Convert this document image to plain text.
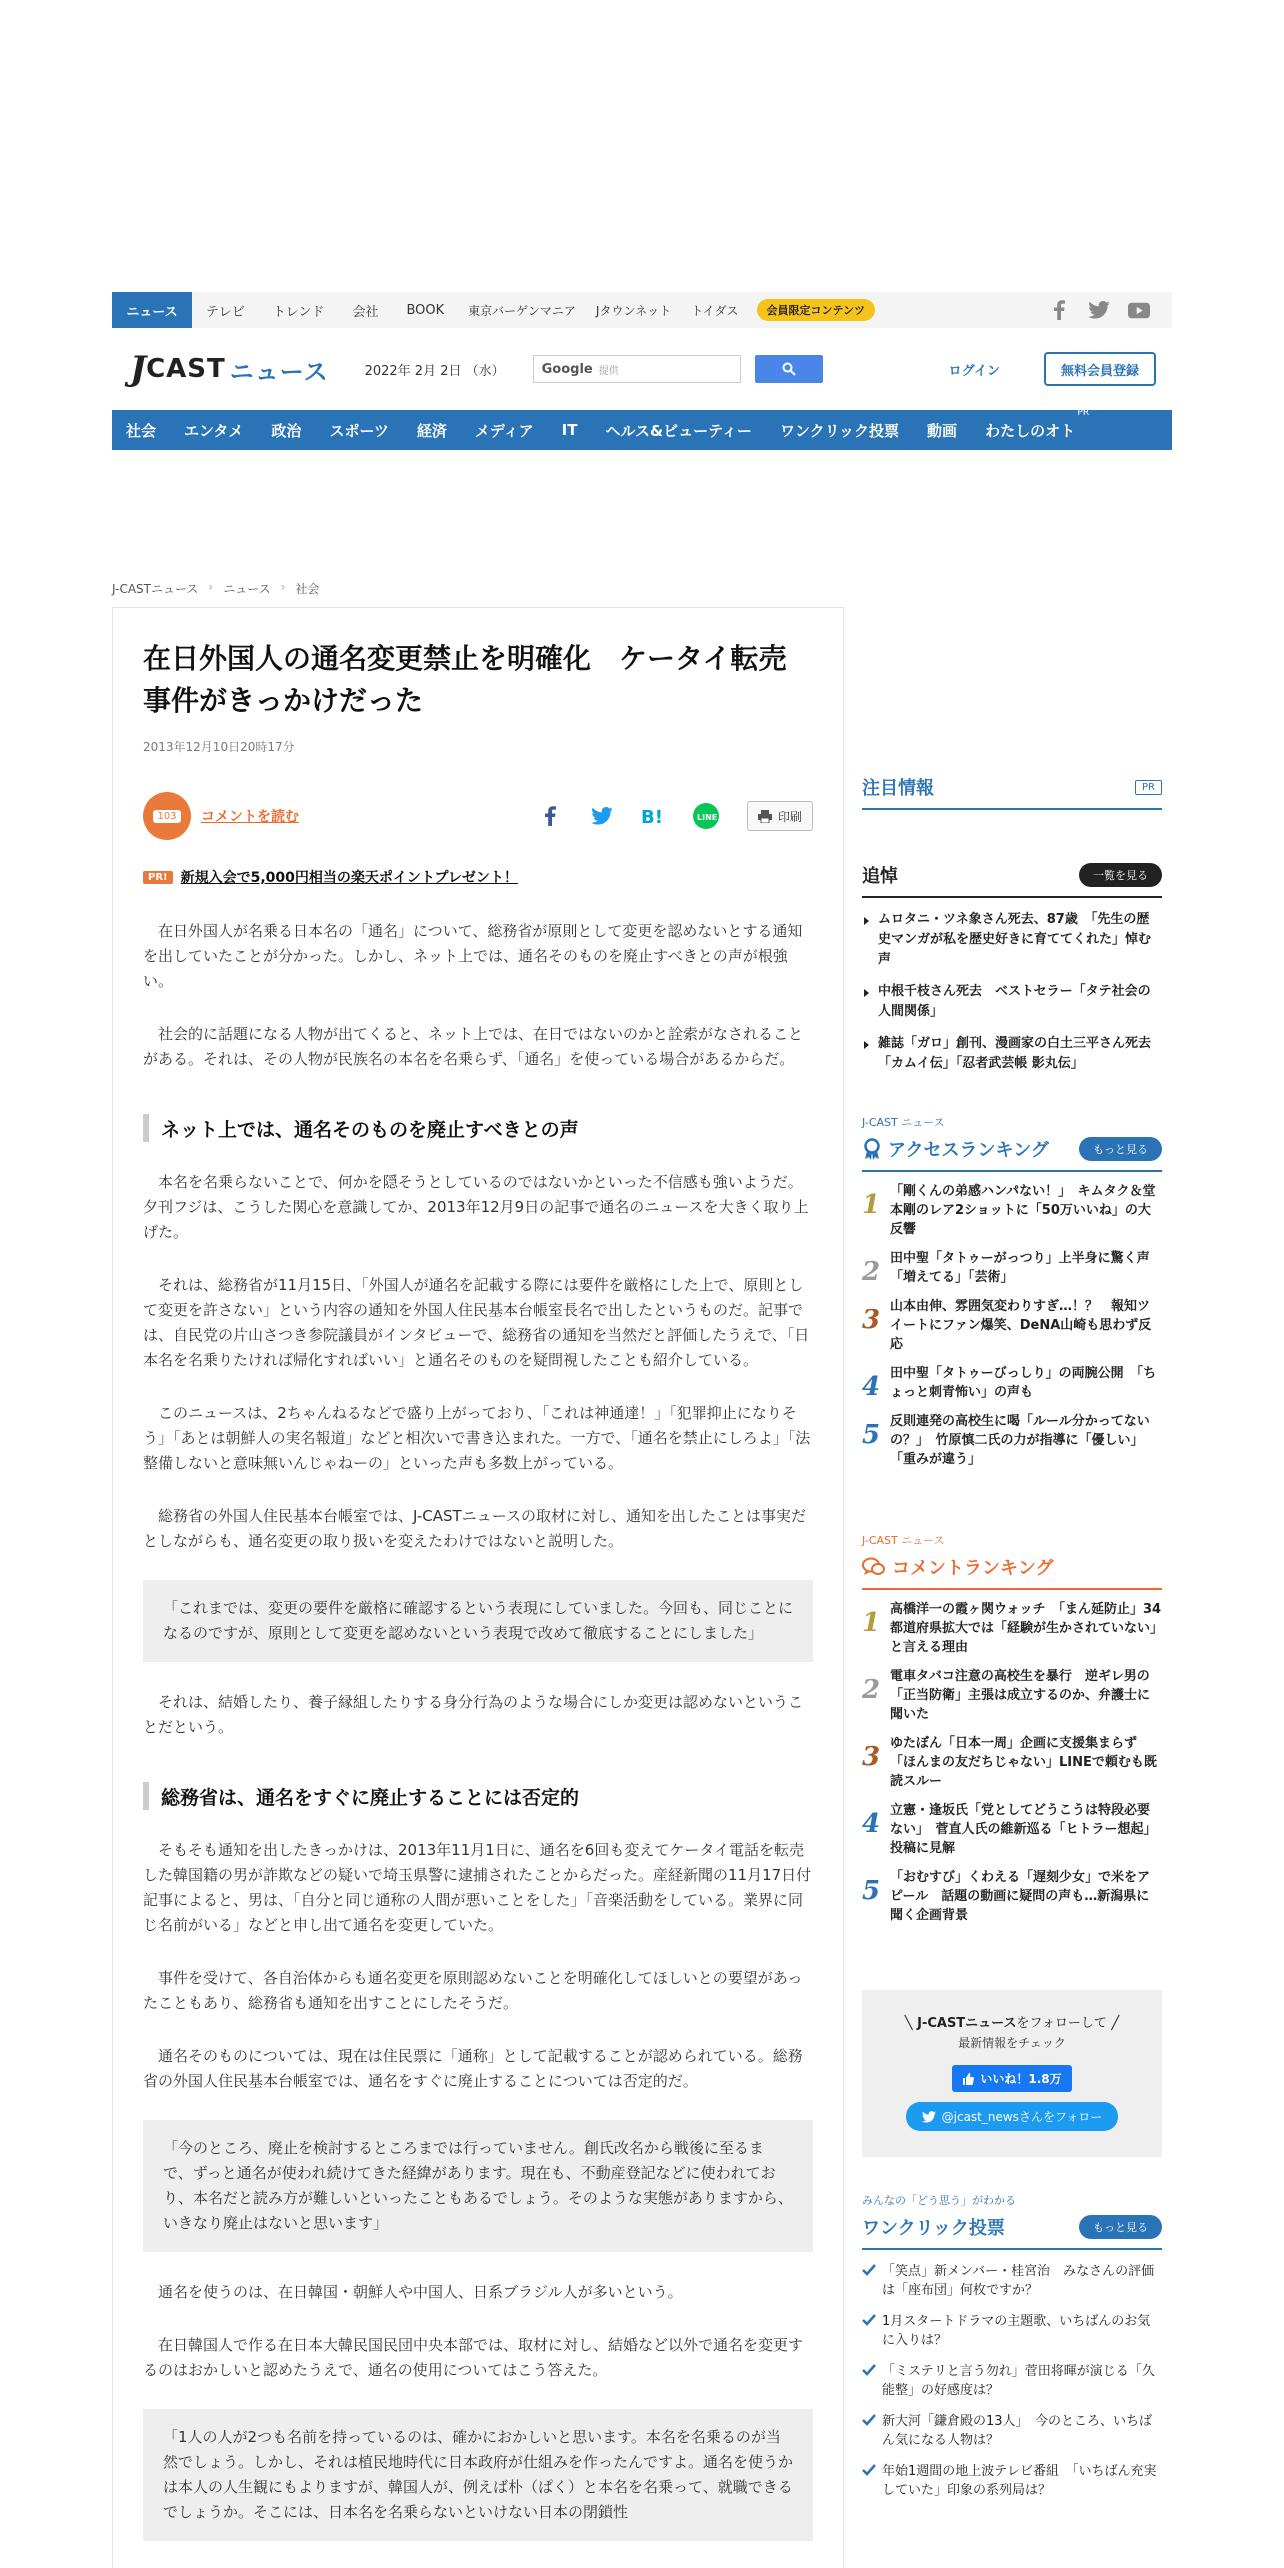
ニュース	テレビ	トレンド	会社	BOOK	東京バーゲンマニア	Jタウンネット	トイダス	会員限定コンテンツ
J CAST ニュース	2022年 2月 2日 （水）	Google 提供	ログイン	無料会員登録
社会 エンタメ 政治 スポーツ 経済 メディア IT ヘルス&ビューティー ワンクリック投票 動画 わたしのオト
PR
J-CASTニュース › ニュース › 社会
在日外国人の通名変更禁止を明確化　ケータイ転売事件がきっかけだった
2013年12月10日20時17分
103 コメントを読む	B!	LINE	印刷
PR! 新規入会で5,000円相当の楽天ポイントプレゼント！

在日外国人が名乗る日本名の「通名」について、総務省が原則として変更を認めないとする通知を出していたことが分かった。しかし、ネット上では、通名そのものを廃止すべきとの声が根強い。

社会的に話題になる人物が出てくると、ネット上では、在日ではないのかと詮索がなされることがある。それは、その人物が民族名の本名を名乗らず、「通名」を使っている場合があるからだ。

ネット上では、通名そのものを廃止すべきとの声

本名を名乗らないことで、何かを隠そうとしているのではないかといった不信感も強いようだ。夕刊フジは、こうした関心を意識してか、2013年12月9日の記事で通名のニュースを大きく取り上げた。

それは、総務省が11月15日、「外国人が通名を記載する際には要件を厳格にした上で、原則として変更を許さない」という内容の通知を外国人住民基本台帳室長名で出したというものだ。記事では、自民党の片山さつき参院議員がインタビューで、総務省の通知を当然だと評価したうえで、「日本名を名乗りたければ帰化すればいい」と通名そのものを疑問視したことも紹介している。

このニュースは、2ちゃんねるなどで盛り上がっており、「これは神通達！」「犯罪抑止になりそう」「あとは朝鮮人の実名報道」などと相次いで書き込まれた。一方で、「通名を禁止にしろよ」「法整備しないと意味無いんじゃねーの」といった声も多数上がっている。

総務省の外国人住民基本台帳室では、J-CASTニュースの取材に対し、通知を出したことは事実だとしながらも、通名変更の取り扱いを変えたわけではないと説明した。

「これまでは、変更の要件を厳格に確認するという表現にしていました。今回も、同じことになるのですが、原則として変更を認めないという表現で改めて徹底することにしました」

それは、結婚したり、養子縁組したりする身分行為のような場合にしか変更は認めないということだという。

総務省は、通名をすぐに廃止することには否定的

そもそも通知を出したきっかけは、2013年11月1日に、通名を6回も変えてケータイ電話を転売した韓国籍の男が詐欺などの疑いで埼玉県警に逮捕されたことからだった。産経新聞の11月17日付記事によると、男は、「自分と同じ通称の人間が悪いことをした」「音楽活動をしている。業界に同じ名前がいる」などと申し出て通名を変更していた。

事件を受けて、各自治体からも通名変更を原則認めないことを明確化してほしいとの要望があったこともあり、総務省も通知を出すことにしたそうだ。

通名そのものについては、現在は住民票に「通称」として記載することが認められている。総務省の外国人住民基本台帳室では、通名をすぐに廃止することについては否定的だ。

「今のところ、廃止を検討するところまでは行っていません。創氏改名から戦後に至るまで、ずっと通名が使われ続けてきた経緯があります。現在も、不動産登記などに使われており、本名だと読み方が難しいといったこともあるでしょう。そのような実態がありますから、いきなり廃止はないと思います」

通名を使うのは、在日韓国・朝鮮人や中国人、日系ブラジル人が多いという。

在日韓国人で作る在日本大韓民国民団中央本部では、取材に対し、結婚など以外で通名を変更するのはおかしいと認めたうえで、通名の使用についてはこう答えた。

「1人の人が2つも名前を持っているのは、確かにおかしいと思います。本名を名乗るのが当然でしょう。しかし、それは植民地時代に日本政府が仕組みを作ったんですよ。通名を使うかは本人の人生観にもよりますが、韓国人が、例えば朴（ぱく）と本名を名乗って、就職できるでしょうか。そこには、日本名を名乗らないといけない日本の閉鎖性
注目情報	PR
追悼	一覧を見る
ムロタニ・ツネ象さん死去、87歳　「先生の歴史マンガが私を歴史好きに育ててくれた」悼む声
中根千枝さん死去　ベストセラー「タテ社会の人間関係」
雑誌「ガロ」創刊、漫画家の白土三平さん死去　「カムイ伝」「忍者武芸帳 影丸伝」
J-CAST ニュース
アクセスランキング	もっと見る
1 「剛くんの弟感ハンパない！」　キムタク＆堂本剛のレア2ショットに「50万いいね」の大反響
2 田中聖「タトゥーがっつり」上半身に驚く声　「増えてる」「芸術」
3 山本由伸、雰囲気変わりすぎ…！？　報知ツイートにファン爆笑、DeNA山崎も思わず反応
4 田中聖「タトゥーびっしり」の両腕公開　「ちょっと刺青怖い」の声も
5 反則連発の高校生に喝「ルール分かってないの？」　竹原慎二氏の力が指導に「優しい」「重みが違う」
J-CAST ニュース
コメントランキング
1 高橋洋一の霞ヶ関ウォッチ　「まん延防止」34都道府県拡大では「経験が生かされていない」と言える理由
2 電車タバコ注意の高校生を暴行　逆ギレ男の「正当防衛」主張は成立するのか、弁護士に聞いた
3 ゆたぼん「日本一周」企画に支援集まらず「ほんまの友だちじゃない」LINEで頼むも既読スルー
4 立憲・逢坂氏「党としてどうこうは特段必要ない」　菅直人氏の維新巡る「ヒトラー想起」投稿に見解
5 「おむすび」くわえる「遅刻少女」で米をアピール　話題の動画に疑問の声も…新潟県に聞く企画背景
╲ J-CASTニュースをフォローして ╱
最新情報をチェック
いいね！1.8万
@jcast_newsさんをフォロー
みんなの「どう思う」がわかる
ワンクリック投票	もっと見る
「笑点」新メンバー・桂宮治　みなさんの評価は「座布団」何枚ですか？
1月スタートドラマの主題歌、いちばんのお気に入りは？
「ミステリと言う勿れ」菅田将暉が演じる「久能整」の好感度は？
新大河「鎌倉殿の13人」　今のところ、いちばん気になる人物は？
年始1週間の地上波テレビ番組　「いちばん充実していた」印象の系列局は？
